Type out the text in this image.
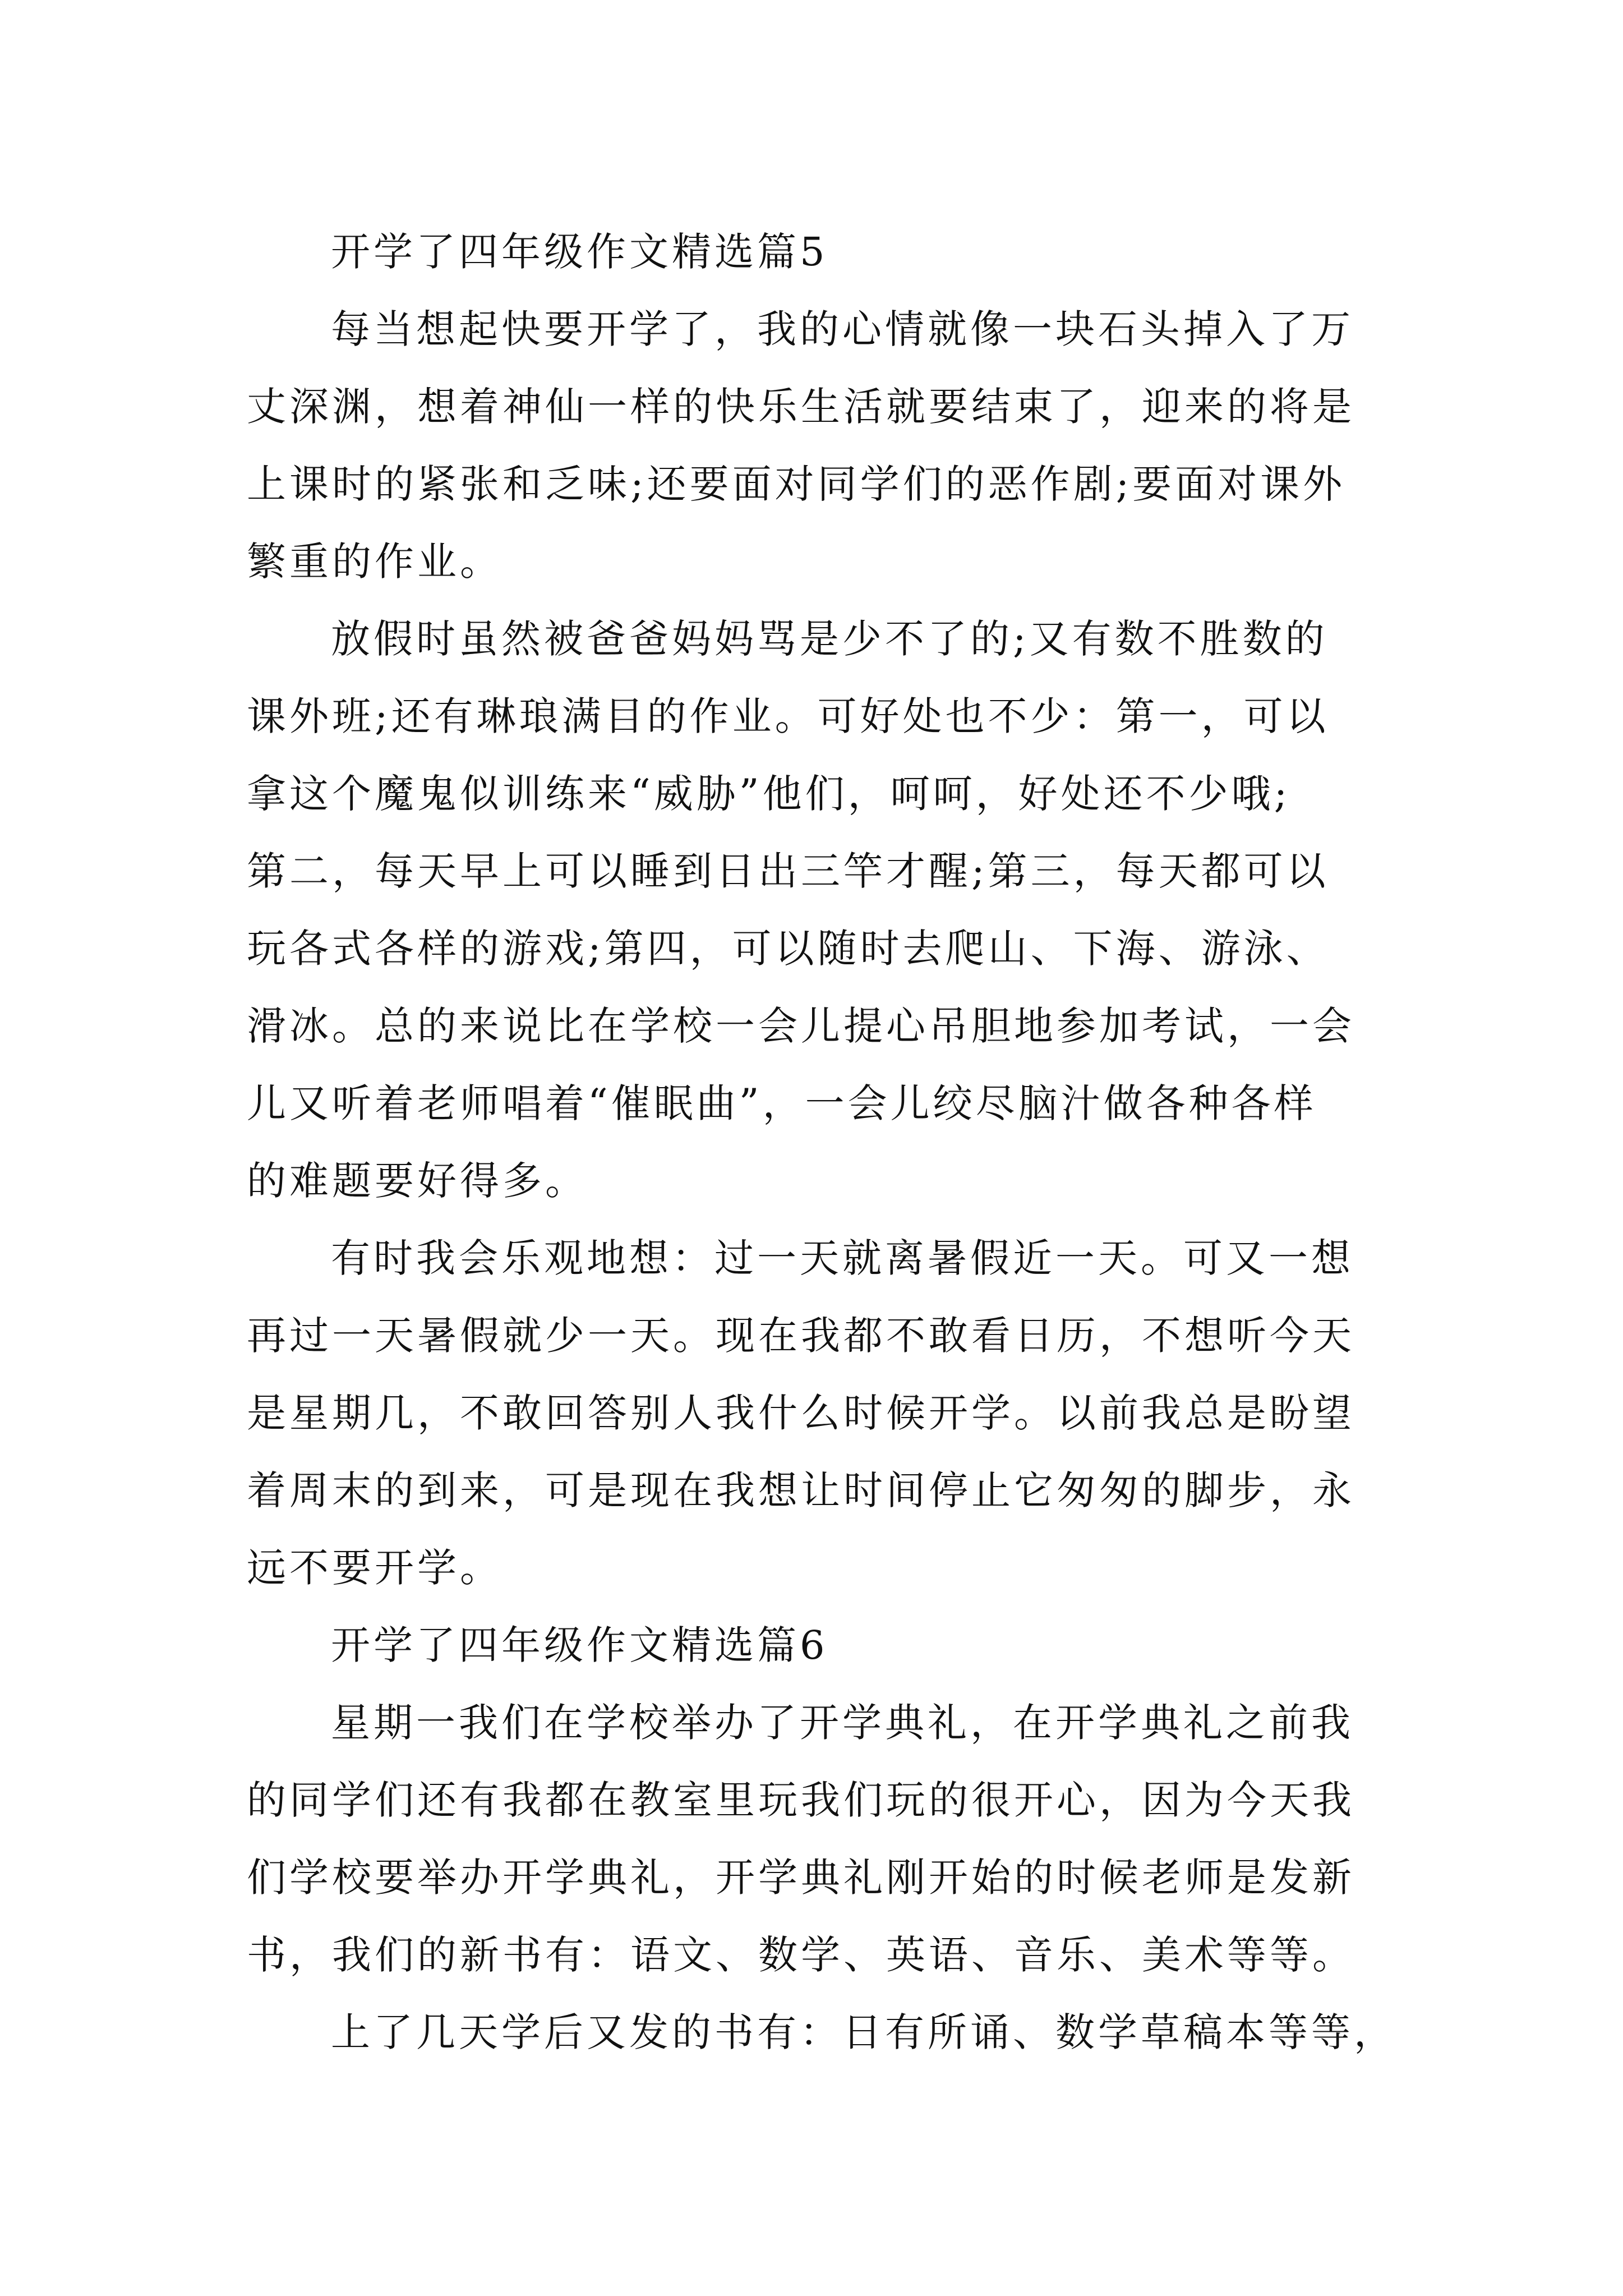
开学了四年级作文精选篇5
每当想起快要开学了，我的心情就像一块石头掉入了万
丈深渊，想着神仙一样的快乐生活就要结束了，迎来的将是
上课时的紧张和乏味;还要面对同学们的恶作剧;要面对课外
繁重的作业。
放假时虽然被爸爸妈妈骂是少不了的;又有数不胜数的
课外班;还有琳琅满目的作业。可好处也不少：第一，可以
拿这个魔鬼似训练来“威胁”他们，呵呵，好处还不少哦;
第二，每天早上可以睡到日出三竿才醒;第三，每天都可以
玩各式各样的游戏;第四，可以随时去爬山、下海、游泳、
滑冰。总的来说比在学校一会儿提心吊胆地参加考试，一会
儿又听着老师唱着“催眠曲”，一会儿绞尽脑汁做各种各样
的难题要好得多。
有时我会乐观地想：过一天就离暑假近一天。可又一想
再过一天暑假就少一天。现在我都不敢看日历，不想听今天
是星期几，不敢回答别人我什么时候开学。以前我总是盼望
着周末的到来，可是现在我想让时间停止它匆匆的脚步，永
远不要开学。
开学了四年级作文精选篇6
星期一我们在学校举办了开学典礼，在开学典礼之前我
的同学们还有我都在教室里玩我们玩的很开心，因为今天我
们学校要举办开学典礼，开学典礼刚开始的时候老师是发新
书，我们的新书有：语文、数学、英语、音乐、美术等等。
上了几天学后又发的书有：日有所诵、数学草稿本等等，
